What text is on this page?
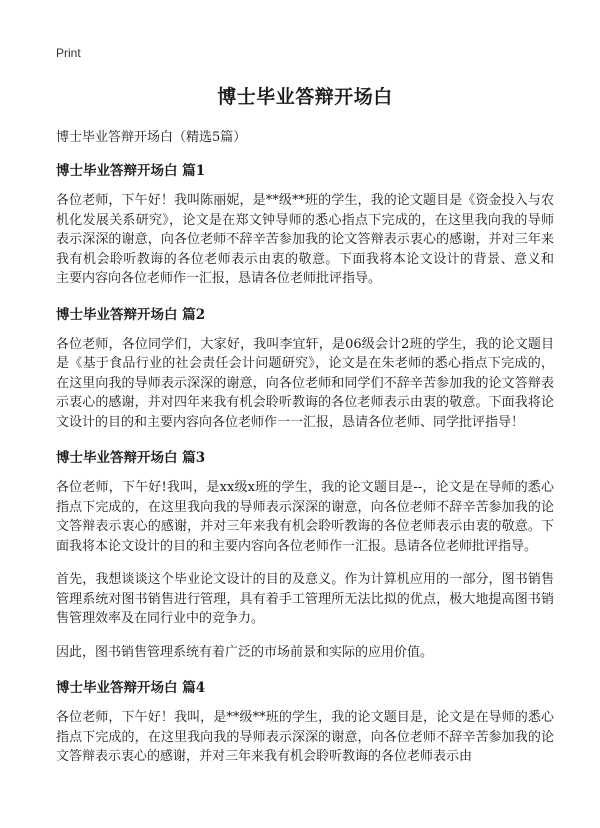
Print
博士毕业答辩开场白
博士毕业答辩开场白（精选5篇）
博士毕业答辩开场白 篇1

各位老师，下午好！我叫陈丽妮，是**级**班的学生，我的论文题目是《资金投入与农机化发展关系研究》，论文是在郑文钟导师的悉心指点下完成的，在这里我向我的导师 表示深深的谢意，向各位老师不辞辛苦参加我的论文答辩表示衷心的感谢，并对三年来我有机会聆听教诲的各位老师表示由衷的敬意。下面我将本论文设计的背景、意义和 主要内容向各位老师作一汇报，恳请各位老师批评指导。

博士毕业答辩开场白 篇2

各位老师，各位同学们，大家好，我叫李宜轩，是06级会计2班的学生，我的论文题目是《基于食品行业的社会责任会计问题研究》，论文是在朱老师的悉心指点下完成的，在这里向我的导师表示深深的谢意，向各位老师和同学们不辞辛苦参加我的论文答辩表示衷心的感谢，并对四年来我有机会聆听教诲的各位老师表示由衷的敬意。下面我将论文设计的目的和主要内容向各位老师作一一汇报，恳请各位老师、同学批评指导！

博士毕业答辩开场白 篇3

各位老师，下午好!我叫，是xx级x班的学生，我的论文题目是--，论文是在导师的悉心指点下完成的，在这里我向我的导师表示深深的谢意，向各位老师不辞辛苦参加我的论文答辩表示衷心的感谢，并对三年来我有机会聆听教诲的各位老师表示由衷的敬意。下面我将本论文设计的目的和主要内容向各位老师作一汇报。恳请各位老师批评指导。

首先，我想谈谈这个毕业论文设计的目的及意义。作为计算机应用的一部分，图书销售管理系统对图书销售进行管理，具有着手工管理所无法比拟的优点，极大地提高图书销售管理效率及在同行业中的竞争力。

因此，图书销售管理系统有着广泛的市场前景和实际的应用价值。

博士毕业答辩开场白 篇4

各位老师，下午好！我叫，是**级**班的学生，我的论文题目是，论文是在导师的悉心指点下完成的，在这里我向我的导师表示深深的谢意，向各位老师不辞辛苦参加我的论文答辩表示衷心的感谢，并对三年来我有机会聆听教诲的各位老师表示由
